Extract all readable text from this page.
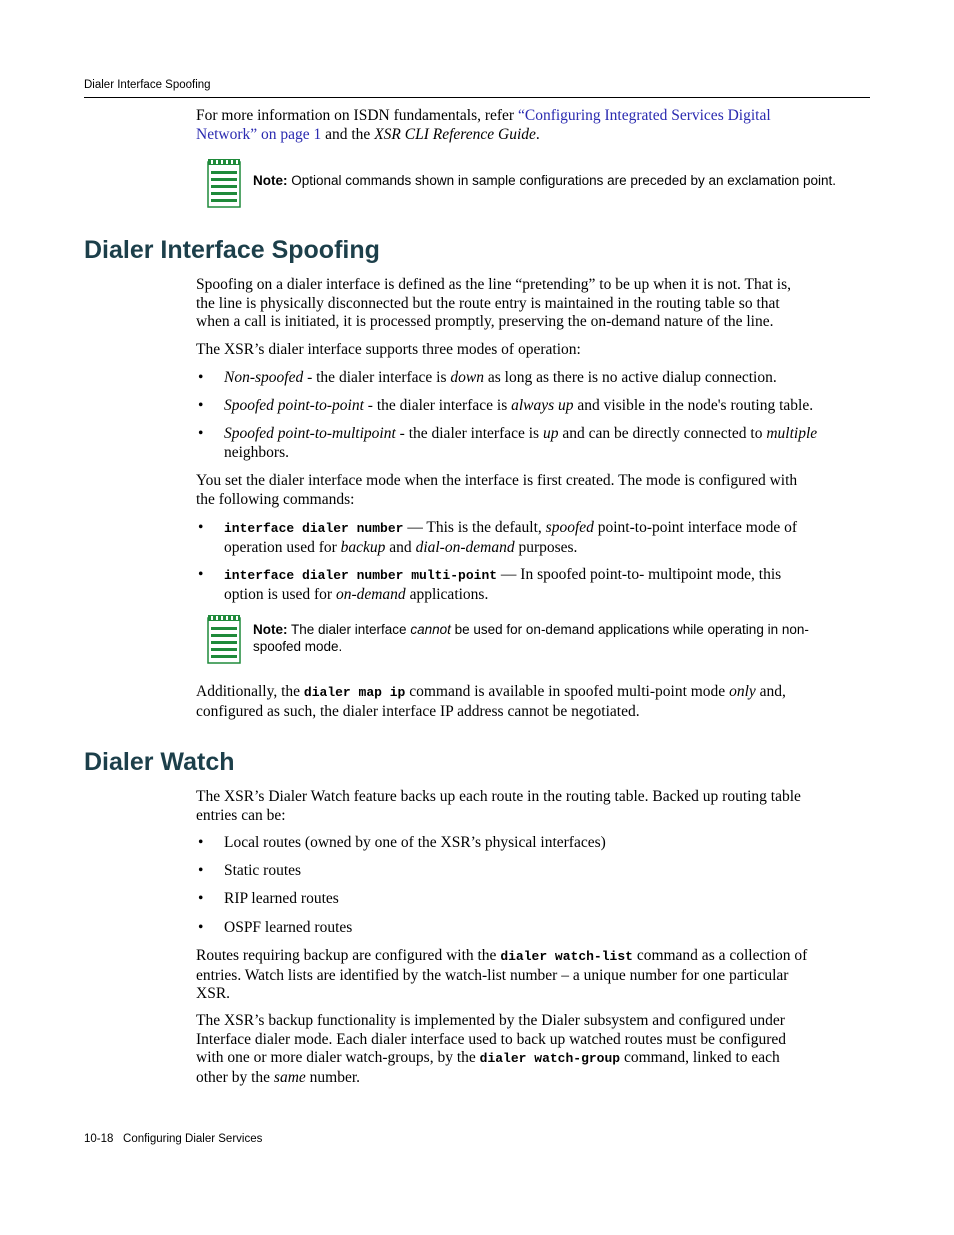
Dialer Interface Spoofing

For more information on ISDN fundamentals, refer “Configuring Integrated Services Digital
Network” on page 1 and the XSR CLI Reference Guide.

Note: Optional commands shown in sample configurations are preceded by an exclamation point.
Dialer Interface Spoofing

Spoofing on a dialer interface is defined as the line “pretending” to be up when it is not. That is,
the line is physically disconnected but the route entry is maintained in the routing table so that
when a call is initiated, it is processed promptly, preserving the on-demand nature of the line.

The XSR’s dialer interface supports three modes of operation:

• Non-spoofed - the dialer interface is down as long as there is no active dialup connection.

• Spoofed point-to-point - the dialer interface is always up and visible in the node's routing table.

• Spoofed point-to-multipoint - the dialer interface is up and can be directly connected to multiple
neighbors.

You set the dialer interface mode when the interface is first created. The mode is configured with
the following commands:

• interface dialer number — This is the default, spoofed point-to-point interface mode of
operation used for backup and dial-on-demand purposes.

• interface dialer number multi-point — In spoofed point-to- multipoint mode, this
option is used for on-demand applications.

Note: The dialer interface cannot be used for on-demand applications while operating in non-
spoofed mode.

Additionally, the dialer map ip command is available in spoofed multi-point mode only and,
configured as such, the dialer interface IP address cannot be negotiated.

Dialer Watch

The XSR’s Dialer Watch feature backs up each route in the routing table. Backed up routing table
entries can be:

• Local routes (owned by one of the XSR’s physical interfaces)

• Static routes

• RIP learned routes

• OSPF learned routes

Routes requiring backup are configured with the dialer watch-list command as a collection of
entries. Watch lists are identified by the watch-list number – a unique number for one particular
XSR.

The XSR’s backup functionality is implemented by the Dialer subsystem and configured under
Interface dialer mode. Each dialer interface used to back up watched routes must be configured
with one or more dialer watch-groups, by the dialer watch-group command, linked to each
other by the same number.

10-18 Configuring Dialer Services
